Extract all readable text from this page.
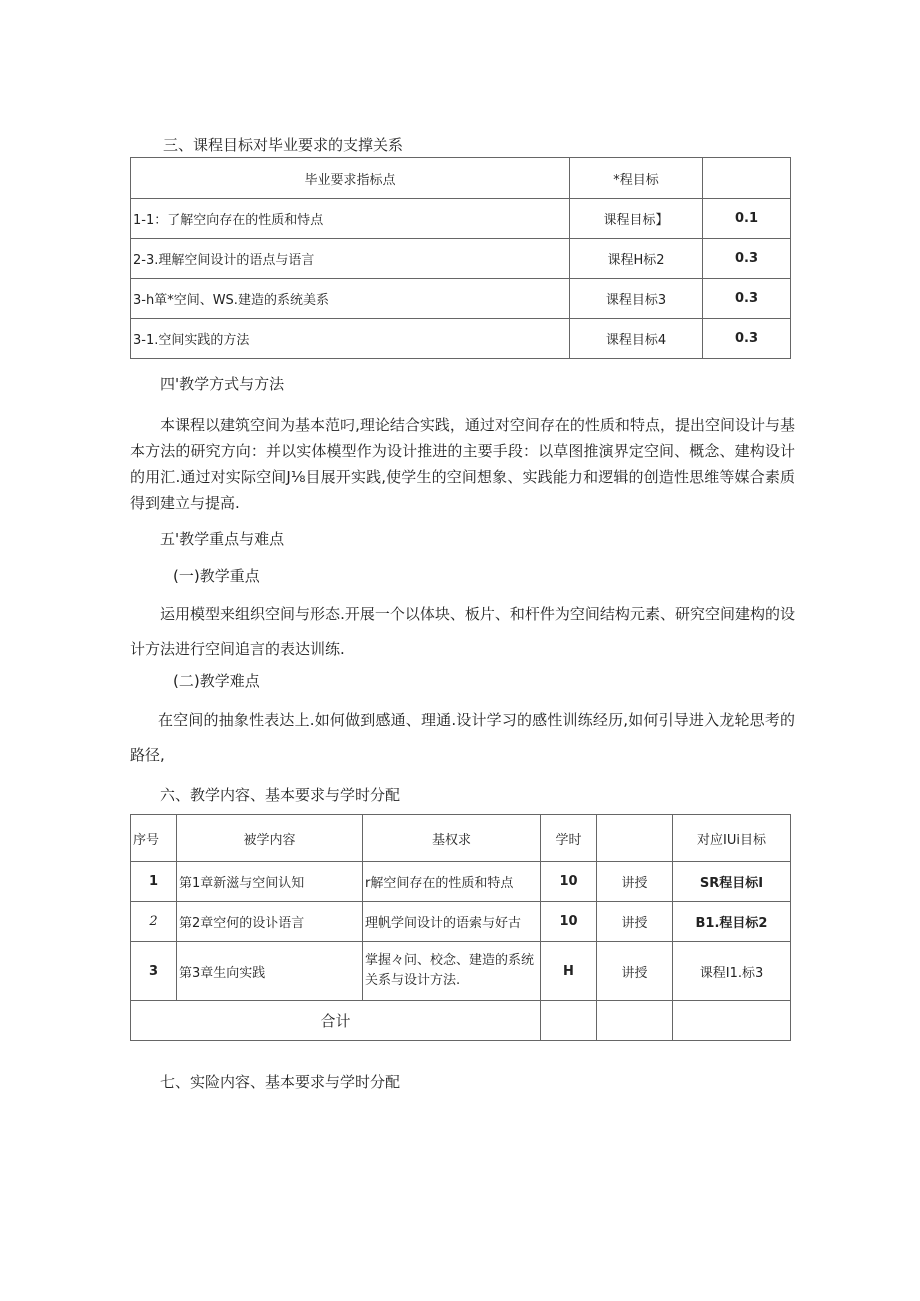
三、课程目标对毕业要求的支撑关系
毕业要求指标点	*程目标	
1-1：了解空向存在的性质和恃点	课程目标】	0.1
2-3.理解空间设计的语点与语言	课程H标2	0.3
3-h箪*空间、WS.建造的系统美系	课程目标3	0.3
3-1.空间实践的方法	课程目标4	0.3
四'教学方式与方法
本课程以建筑空间为基本范叼,理论结合实践，通过对空间存在的性质和特点，提出空间设计与基本方法的研究方向：并以实体模型作为设计推进的主要手段：以草图推演界定空间、概念、建构设计的用汇.通过对实际空间J⅛目展开实践,使学生的空间想象、实践能力和逻辑的创造性思维等媒合素质得到建立与提高.
五'教学重点与难点
(一)教学重点
运用模型来组织空间与形态.开展一个以体块、板片、和杆件为空间结构元素、研究空间建构的设计方法进行空间追言的表达训练.
(二)教学难点
在空间的抽象性表达上.如何做到感通、理通.设计学习的感性训练经历,如何引导进入龙轮思考的路径,
六、教学内容、基本要求与学时分配
序号	被学内容	基权求	学时		对应IUi目标
1	第1章新滋与空间认知	r解空间存在的性质和特点	10	讲授	SR程目标I
2	第2章空何的设讣语言	理帆学间设计的语索与好古	10	讲授	B1.程目标2
3	第3章生向实践	掌握々问、校念、建造的系统关系与设计方法.	H	讲授	课程I1.标3
合计					
七、实险内容、基本要求与学时分配
